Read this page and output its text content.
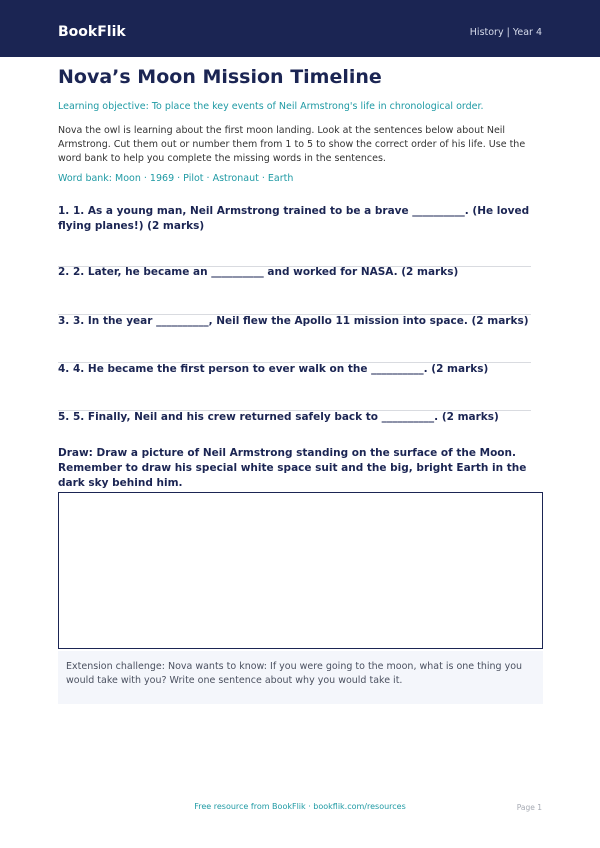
BookFlik	History | Year 4
Nova’s Moon Mission Timeline
Learning objective: To place the key events of Neil Armstrong's life in chronological order.
Nova the owl is learning about the first moon landing. Look at the sentences below about Neil Armstrong. Cut them out or number them from 1 to 5 to show the correct order of his life. Use the word bank to help you complete the missing words in the sentences.
Word bank: Moon · 1969 · Pilot · Astronaut · Earth
1. 1. As a young man, Neil Armstrong trained to be a brave __________. (He loved flying planes!) (2 marks)
2. 2. Later, he became an __________ and worked for NASA. (2 marks)
3. 3. In the year __________, Neil flew the Apollo 11 mission into space. (2 marks)
4. 4. He became the first person to ever walk on the __________. (2 marks)
5. 5. Finally, Neil and his crew returned safely back to __________. (2 marks)
Draw: Draw a picture of Neil Armstrong standing on the surface of the Moon. Remember to draw his special white space suit and the big, bright Earth in the dark sky behind him.
Extension challenge: Nova wants to know: If you were going to the moon, what is one thing you would take with you? Write one sentence about why you would take it.
Free resource from BookFlik · bookflik.com/resources	Page 1
